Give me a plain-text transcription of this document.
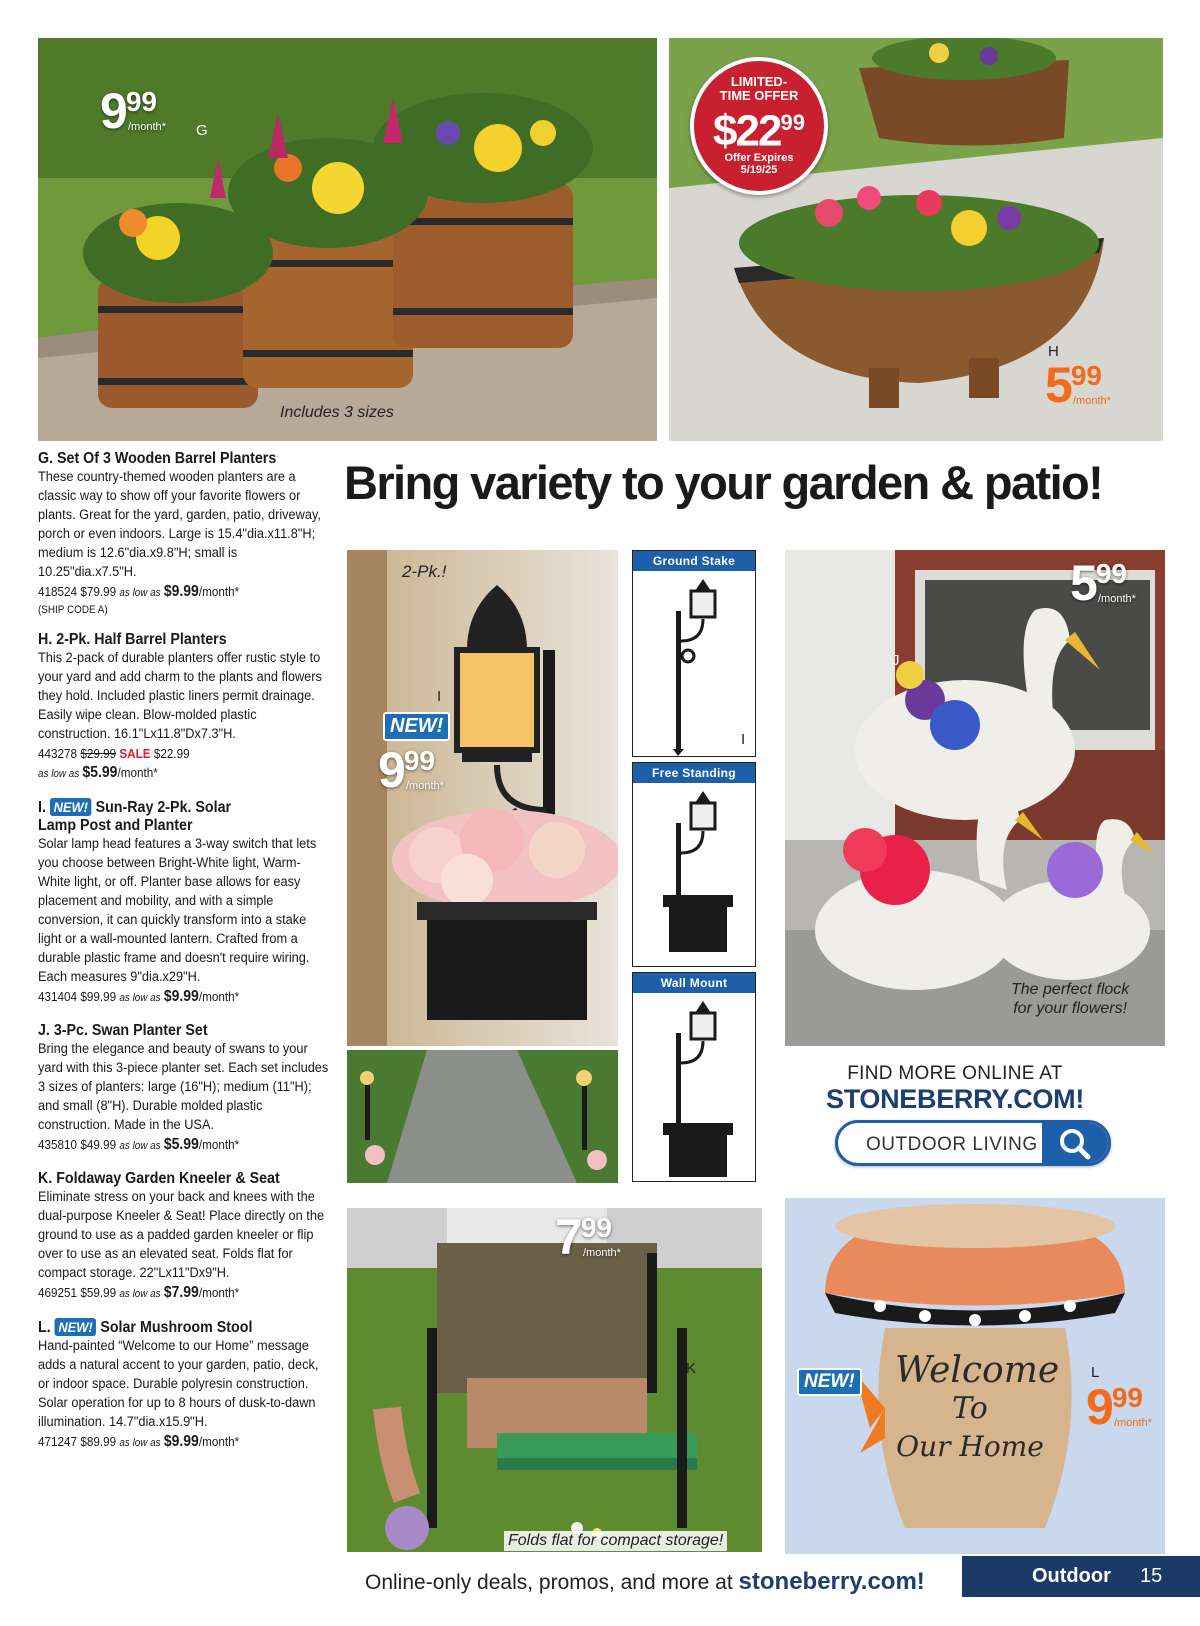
999
/month* G
Includes 3 sizes
LIMITED-
TIME OFFER
$\$22^{99}$
Offer Expires
5/19/25
H
599
/month*
Bring variety to your garden & patio!
2-Pk.!
I
NEW!
999
/month*
Ground Stake
I
Free Standing
Wall Mount
599
/month*
J
The perfect flock
for your flowers!
FIND MORE ONLINE AT
STONEBERRY.COM!
OUTDOOR LIVING
799
/month*
K
Folds flat for compact storage!
Welcome
To
Our Home
NEW!	L
999
/month*
G. Set Of 3 Wooden Barrel Planters

These country-themed wooden planters are a classic way to show off your favorite flowers or plants. Great for the yard, garden, patio, driveway, porch or even indoors. Large is 15.4"dia.x11.8"H; medium is 12.6"dia.x9.8"H; small is 10.25"dia.x7.5"H.

418524 $79.99 as low as $9.99/month*
(SHIP CODE A)
H. 2-Pk. Half Barrel Planters

This 2-pack of durable planters offer rustic style to your yard and add charm to the plants and flowers they hold. Included plastic liners permit drainage. Easily wipe clean. Blow-molded plastic construction. 16.1"Lx11.8"Dx7.3"H.

443278 $29.99 SALE $22.99
as low as $5.99/month*
I. NEW! Sun-Ray 2-Pk. Solar
Lamp Post and Planter

Solar lamp head features a 3-way switch that lets you choose between Bright-White light, Warm-White light, or off. Planter base allows for easy placement and mobility, and with a simple conversion, it can quickly transform into a stake light or a wall-mounted lantern. Crafted from a durable plastic frame and doesn't require wiring. Each measures 9"dia.x29"H.

431404 $99.99 as low as $9.99/month*
J. 3-Pc. Swan Planter Set

Bring the elegance and beauty of swans to your yard with this 3-piece planter set. Each set includes 3 sizes of planters: large (16"H); medium (11"H); and small (8"H). Durable molded plastic construction. Made in the USA.

435810 $49.99 as low as $5.99/month*
K. Foldaway Garden Kneeler & Seat

Eliminate stress on your back and knees with the dual-purpose Kneeler & Seat! Place directly on the ground to use as a padded garden kneeler or flip over to use as an elevated seat. Folds flat for compact storage. 22"Lx11"Dx9"H.

469251 $59.99 as low as $7.99/month*
L. NEW! Solar Mushroom Stool

Hand-painted “Welcome to our Home” message adds a natural accent to your garden, patio, deck, or indoor space. Durable polyresin construction. Solar operation for up to 8 hours of dusk-to-dawn illumination. 14.7"dia.x15.9"H.

471247 $89.99 as low as $9.99/month*
Online-only deals, promos, and more at stoneberry.com!	Outdoor 15
